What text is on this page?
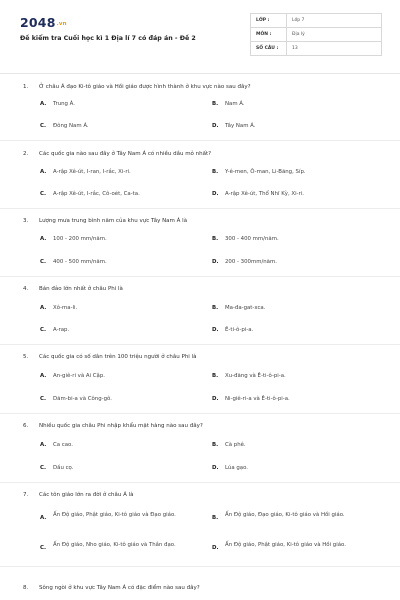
2048.vn
Đề kiểm tra Cuối học kì 1 Địa lí 7 có đáp án - Đề 2
LỚP :	Lớp 7
MÔN :	Địa lý
SỐ CÂU :	13
1. Ở châu Á đạo Ki-tô giáo và Hồi giáo được hình thành ở khu vực nào sau đây?
A. Trung Á.	B. Nam Á.
C. Đông Nam Á.	D. Tây Nam Á.
2. Các quốc gia nào sau đây ở Tây Nam Á có nhiều dầu mỏ nhất?
A. A-rập Xê-út, I-ran, I-rắc, Xi-ri.	B. Y-ê-men, Ô-man, Li-Băng, Síp.
C. A-rập Xê-út, I-rắc, Cô-oét, Ca-ta.	D. A-rập Xê-út, Thổ Nhĩ Kỳ, Xi-ri.
3. Lượng mưa trung bình năm của khu vực Tây Nam Á là
A. 100 - 200 mm/năm.	B. 300 - 400 mm/năm.
C. 400 - 500 mm/năm.	D. 200 - 300mm/năm.
4. Bán đảo lớn nhất ở châu Phi là
A. Xô-ma-li.	B. Ma-đa-gat-xca.
C. A-rap.	D. Ê-ti-ô-pi-a.
5. Các quốc gia có số dân trên 100 triệu người ở châu Phi là
A. An-giê-ri và Ai Cập.	B. Xu-đăng và Ê-ti-ô-pi-a.
C. Dăm-bi-a và Công-gô.	D. Ni-giê-ri-a và Ê-ti-ô-pi-a.
6. Nhiều quốc gia châu Phi nhập khẩu mặt hàng nào sau đây?
A. Ca cao.	B. Cà phê.
C. Dầu cọ.	D. Lúa gạo.
7. Các tôn giáo lớn ra đời ở châu Á là
A.	Ấn Độ giáo, Phật giáo, Ki-tô giáo và Đạo giáo.	B.	Ấn Độ giáo, Đạo giáo, Ki-tô giáo và Hồi giáo.
C.	Ấn Độ giáo, Nho giáo, Ki-tô giáo và Thần đạo.	D.	Ấn Độ giáo, Phật giáo, Ki-tô giáo và Hồi giáo.
8. Sông ngòi ở khu vực Tây Nam Á có đặc điểm nào sau đây?
